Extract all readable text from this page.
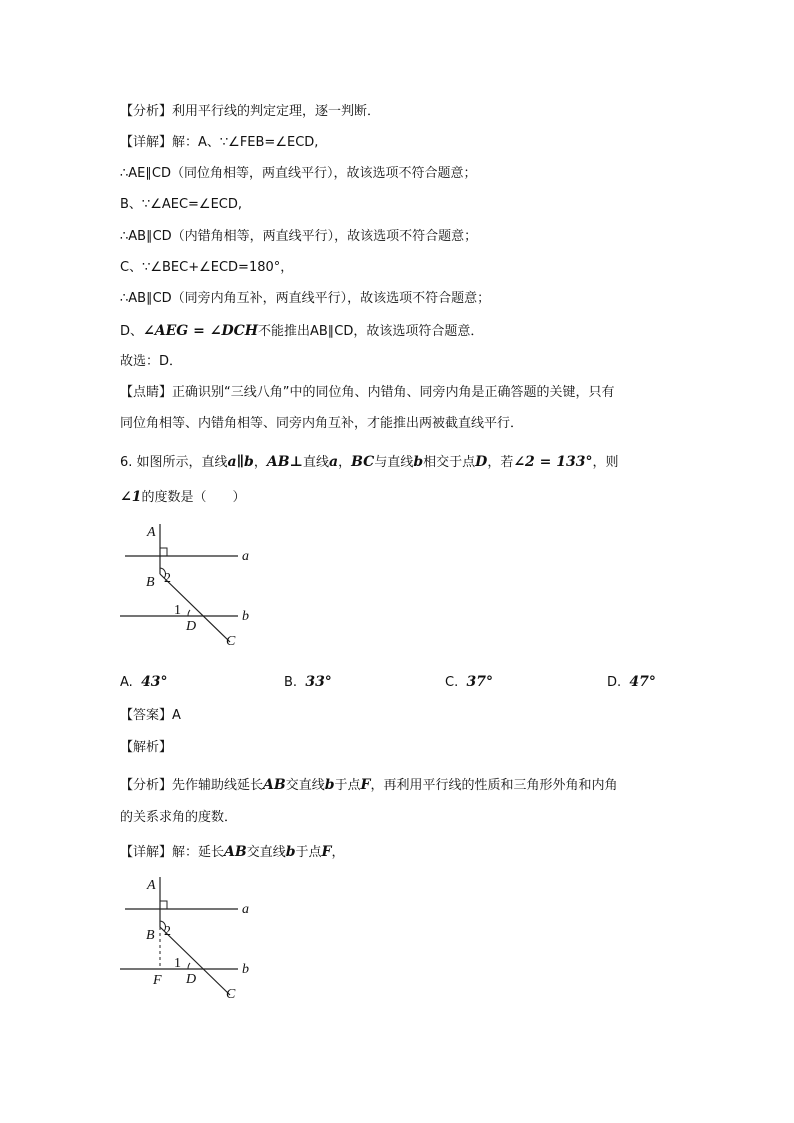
【分析】利用平行线的判定定理，逐一判断．
【详解】解：A、∵∠FEB=∠ECD,
∴AE∥CD（同位角相等，两直线平行），故该选项不符合题意；
B、∵∠AEC=∠ECD,
∴AB∥CD（内错角相等，两直线平行），故该选项不符合题意；
C、∵∠BEC+∠ECD=180°，
∴AB∥CD（同旁内角互补，两直线平行），故该选项不符合题意；
D、∠AEG = ∠DCH不能推出AB∥CD，故该选项符合题意．
故选：D．
【点睛】正确识别“三线八角”中的同位角、内错角、同旁内角是正确答题的关键，只有
同位角相等、内错角相等、同旁内角互补，才能推出两被截直线平行．
6. 如图所示，直线a∥b，AB⊥直线a，BC与直线b相交于点D，若∠2 = 133°，则
∠1的度数是（　　）
A
a
B 2
1	b
D
C
A. 43°	B. 33°	C. 37°	D. 47°
【答案】A
【解析】
【分析】先作辅助线延长AB交直线b于点F，再利用平行线的性质和三角形外角和内角
的关系求角的度数．
【详解】解：延长AB交直线b于点F，
A
a
B 2
1	b
F D
C
